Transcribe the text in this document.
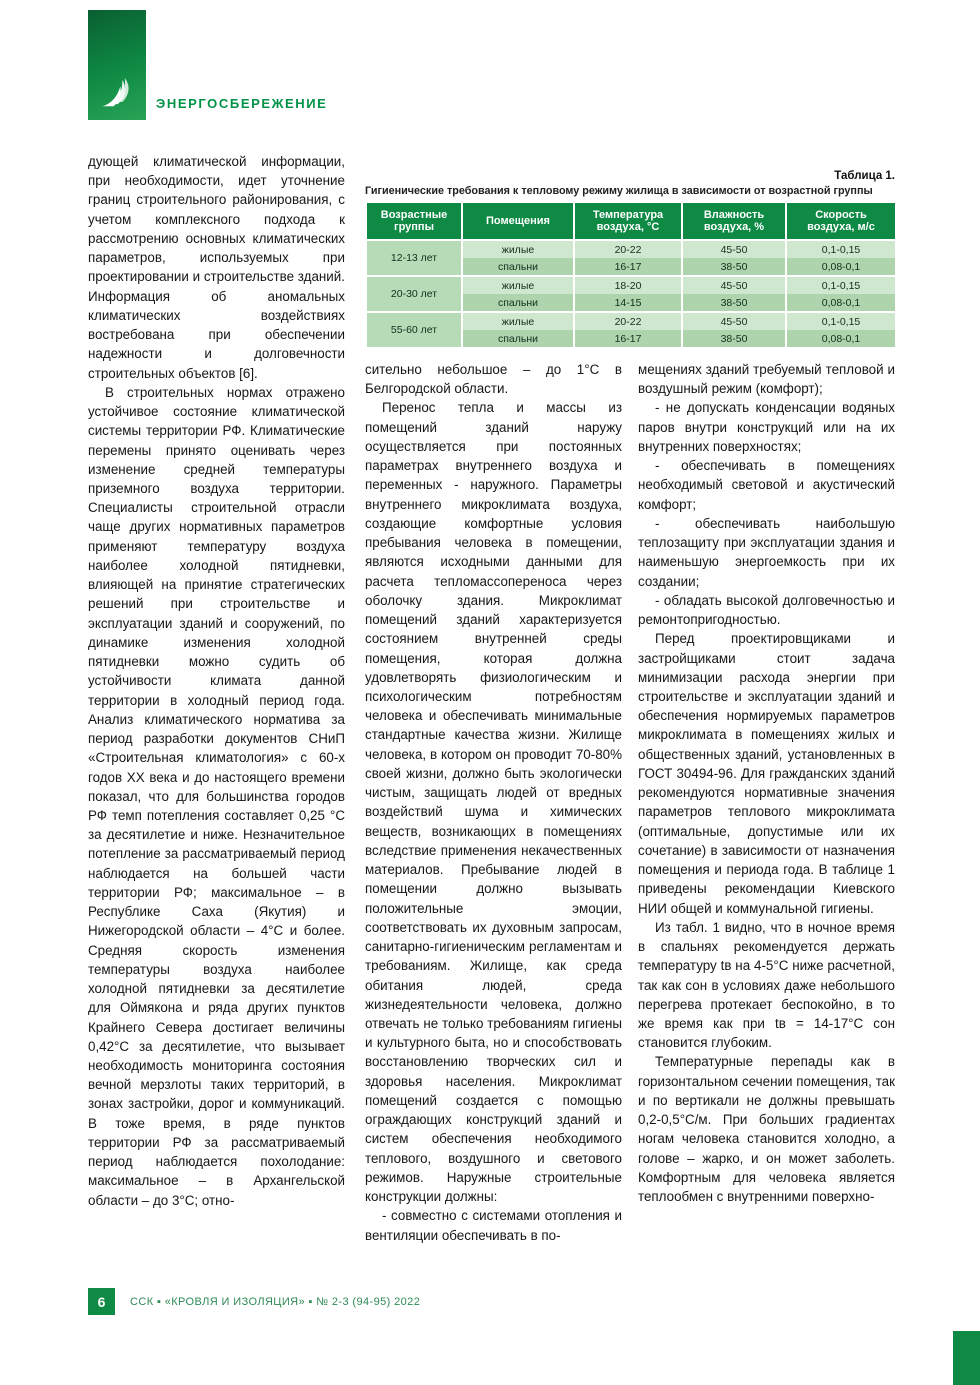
ЭНЕРГОСБЕРЕЖЕНИЕ

дующей климатической информации, при необходимости, идет уточнение границ строительного районирования, с учетом комплексного подхода к рассмотрению основных климатических параметров, используемых при проектировании и строительстве зданий. Информация об аномальных климатических воздействиях востребована при обеспечении надежности и долговечности строительных объектов [6].

В строительных нормах отражено устойчивое состояние климатической системы территории РФ. Климатические перемены принято оценивать через изменение средней температуры приземного воздуха территории. Специалисты строительной отрасли чаще других нормативных параметров применяют температуру воздуха наиболее холодной пятидневки, влияющей на принятие стратегических решений при строительстве и эксплуатации зданий и сооружений, по динамике изменения холодной пятидневки можно судить об устойчивости климата данной территории в холодный период года. Анализ климатического норматива за период разработки документов СНиП «Строительная климатология» с 60-х годов ХХ века и до настоящего времени показал, что для большинства городов РФ темп потепления составляет 0,25 °С за десятилетие и ниже. Незначительное потепление за рассматриваемый период наблюдается на большей части территории РФ; максимальное – в Республике Саха (Якутия) и Нижегородской области – 4°С и более. Средняя скорость изменения температуры воздуха наиболее холодной пятидневки за десятилетие для Оймякона и ряда других пунктов Крайнего Севера достигает величины 0,42°С за десятилетие, что вызывает необходимость мониторинга состояния вечной мерзлоты таких территорий, в зонах застройки, дорог и коммуникаций. В тоже время, в ряде пунктов территории РФ за рассматриваемый период наблюдается похолодание: максимальное – в Архангельской области – до 3°С; отно-

Таблица 1.
Гигиенические требования к тепловому режиму жилища в зависимости от возрастной группы
Возрастные группы	Помещения	Температура воздуха, °С	Влажность воздуха, %	Скорость воздуха, м/с
12-13 лет	жилые	20-22	45-50	0,1-0,15
	спальни	16-17	38-50	0,08-0,1
20-30 лет	жилые	18-20	45-50	0,1-0,15
	спальни	14-15	38-50	0,08-0,1
55-60 лет	жилые	20-22	45-50	0,1-0,15
	спальни	16-17	38-50	0,08-0,1

сительно небольшое – до 1°С в Белгородской области.

Перенос тепла и массы из помещений зданий наружу осуществляется при постоянных параметрах внутреннего воздуха и переменных - наружного. Параметры внутреннего микроклимата воздуха, создающие комфортные условия пребывания человека в помещении, являются исходными данными для расчета тепломассопереноса через оболочку здания. Микроклимат помещений зданий характеризуется состоянием внутренней среды помещения, которая должна удовлетворять физиологическим и психологическим потребностям человека и обеспечивать минимальные стандартные качества жизни. Жилище человека, в котором он проводит 70-80% своей жизни, должно быть экологически чистым, защищать людей от вредных воздействий шума и химических веществ, возникающих в помещениях вследствие применения некачественных материалов. Пребывание людей в помещении должно вызывать положительные эмоции, соответствовать их духовным запросам, санитарно-гигиеническим регламентам и требованиям. Жилище, как среда обитания людей, среда жизнедеятельности человека, должно отвечать не только требованиям гигиены и культурного быта, но и способствовать восстановлению творческих сил и здоровья населения. Микроклимат помещений создается с помощью ограждающих конструкций зданий и систем обеспечения необходимого теплового, воздушного и светового режимов. Наружные строительные конструкции должны:

- совместно с системами отопления и вентиляции обеспечивать в по-

мещениях зданий требуемый тепловой и воздушный режим (комфорт);

- не допускать конденсации водяных паров внутри конструкций или на их внутренних поверхностях;

- обеспечивать в помещениях необходимый световой и акустический комфорт;

- обеспечивать наибольшую теплозащиту при эксплуатации здания и наименьшую энергоемкость при их создании;

- обладать высокой долговечностью и ремонтопригодностью.

Перед проектировщиками и застройщиками стоит задача минимизации расхода энергии при строительстве и эксплуатации зданий и обеспечения нормируемых параметров микроклимата в помещениях жилых и общественных зданий, установленных в ГОСТ 30494-96. Для гражданских зданий рекомендуются нормативные значения параметров теплового микроклимата (оптимальные, допустимые или их сочетание) в зависимости от назначения помещения и периода года. В таблице 1 приведены рекомендации Киевского НИИ общей и коммунальной гигиены.

Из табл. 1 видно, что в ночное время в спальнях рекомендуется держать температуру tв на 4-5°С ниже расчетной, так как сон в условиях даже небольшого перегрева протекает беспокойно, в то же время как при tв = 14-17°С сон становится глубоким.

Температурные перепады как в горизонтальном сечении помещения, так и по вертикали не должны превышать 0,2-0,5°С/м. При больших градиентах ногам человека становится холодно, а голове – жарко, и он может заболеть. Комфортным для человека является теплообмен с внутренними поверхно-

6	ССК ▪ «КРОВЛЯ И ИЗОЛЯЦИЯ» ▪ № 2-3 (94-95) 2022
